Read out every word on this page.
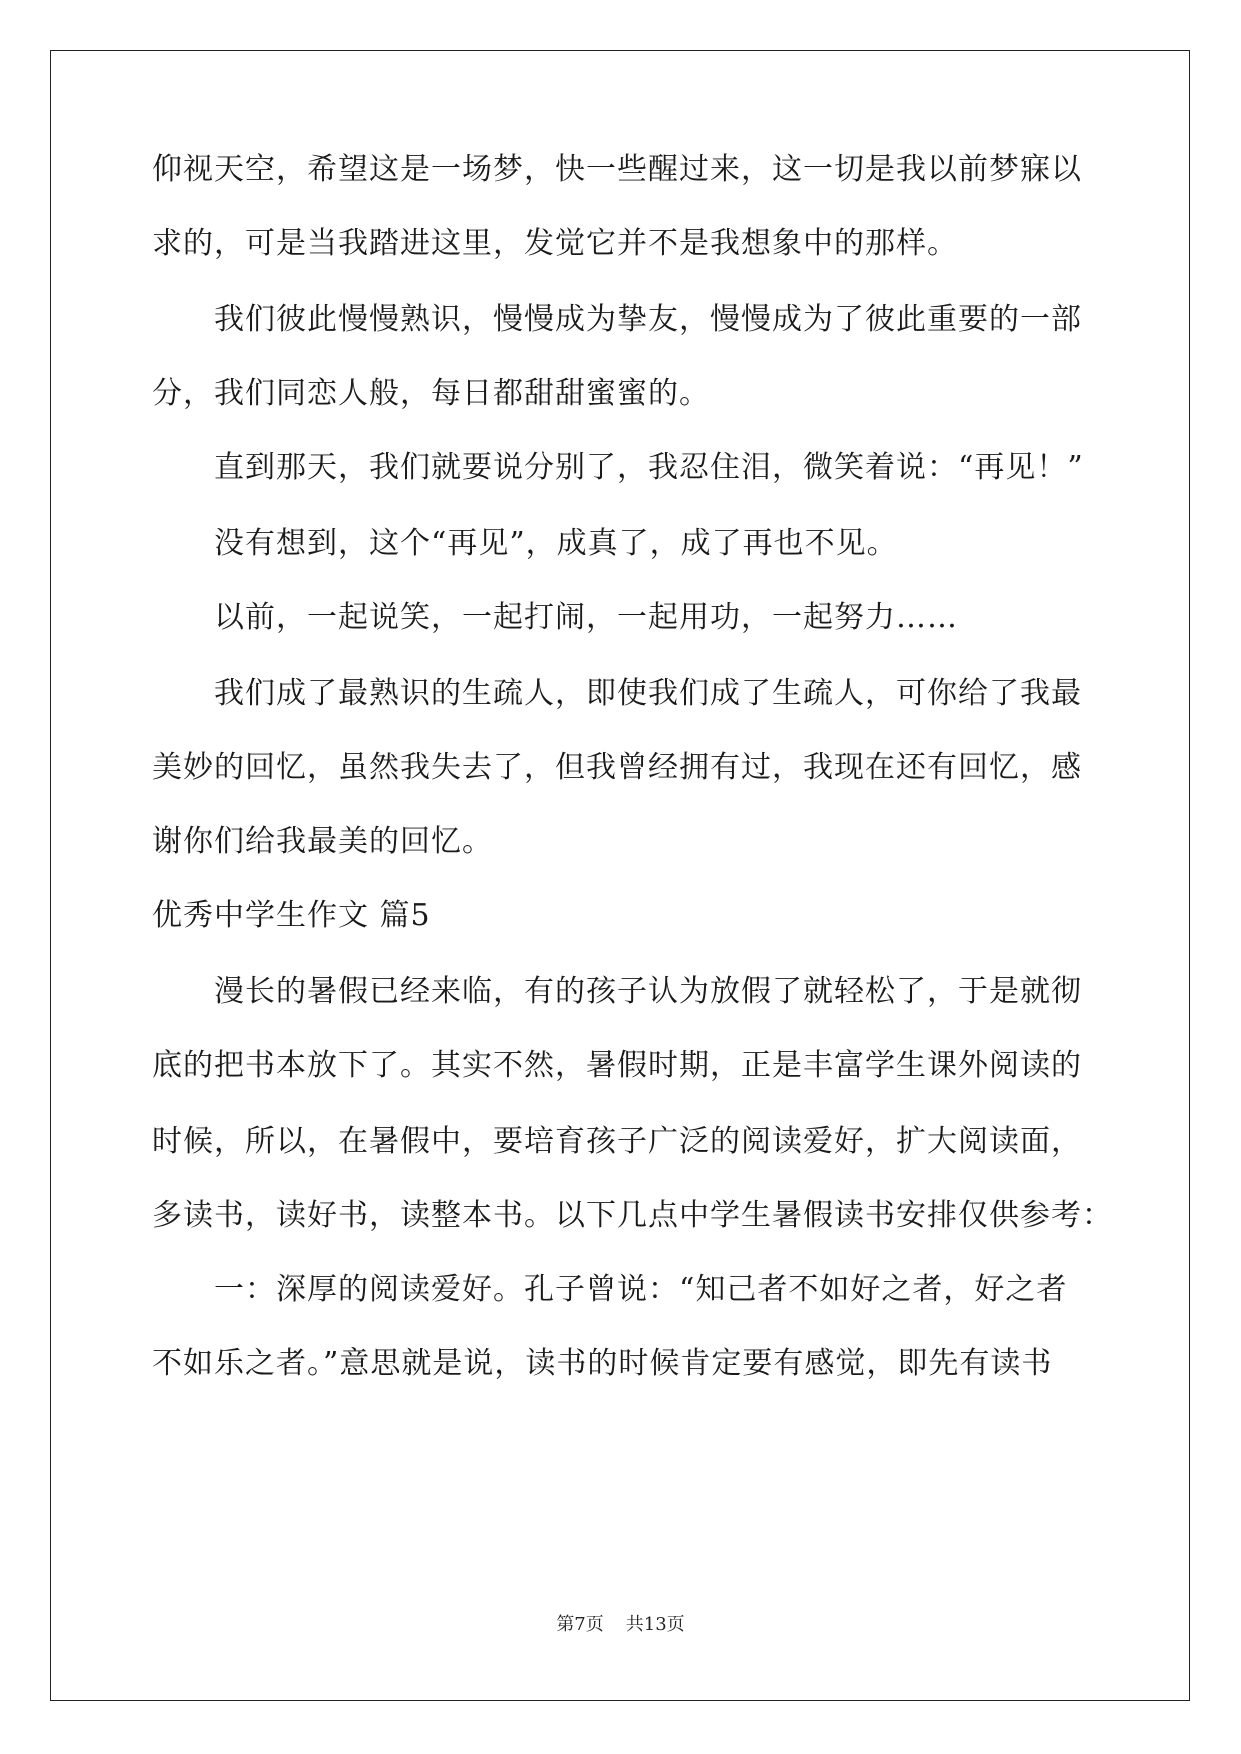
仰视天空，希望这是一场梦，快一些醒过来，这一切是我以前梦寐以
求的，可是当我踏进这里，发觉它并不是我想象中的那样。
我们彼此慢慢熟识，慢慢成为挚友，慢慢成为了彼此重要的一部
分，我们同恋人般，每日都甜甜蜜蜜的。
直到那天，我们就要说分别了，我忍住泪，微笑着说：“再见！”
没有想到，这个“再见”，成真了，成了再也不见。
以前，一起说笑，一起打闹，一起用功，一起努力……
我们成了最熟识的生疏人，即使我们成了生疏人，可你给了我最
美妙的回忆，虽然我失去了，但我曾经拥有过，我现在还有回忆，感
谢你们给我最美的回忆。
优秀中学生作文 篇5
漫长的暑假已经来临，有的孩子认为放假了就轻松了，于是就彻
底的把书本放下了。其实不然，暑假时期，正是丰富学生课外阅读的
时候，所以，在暑假中，要培育孩子广泛的阅读爱好，扩大阅读面，
多读书，读好书，读整本书。以下几点中学生暑假读书安排仅供参考：
一：深厚的阅读爱好。孔子曾说：“知己者不如好之者，好之者
不如乐之者。”意思就是说，读书的时候肯定要有感觉，即先有读书
第7页 共13页
